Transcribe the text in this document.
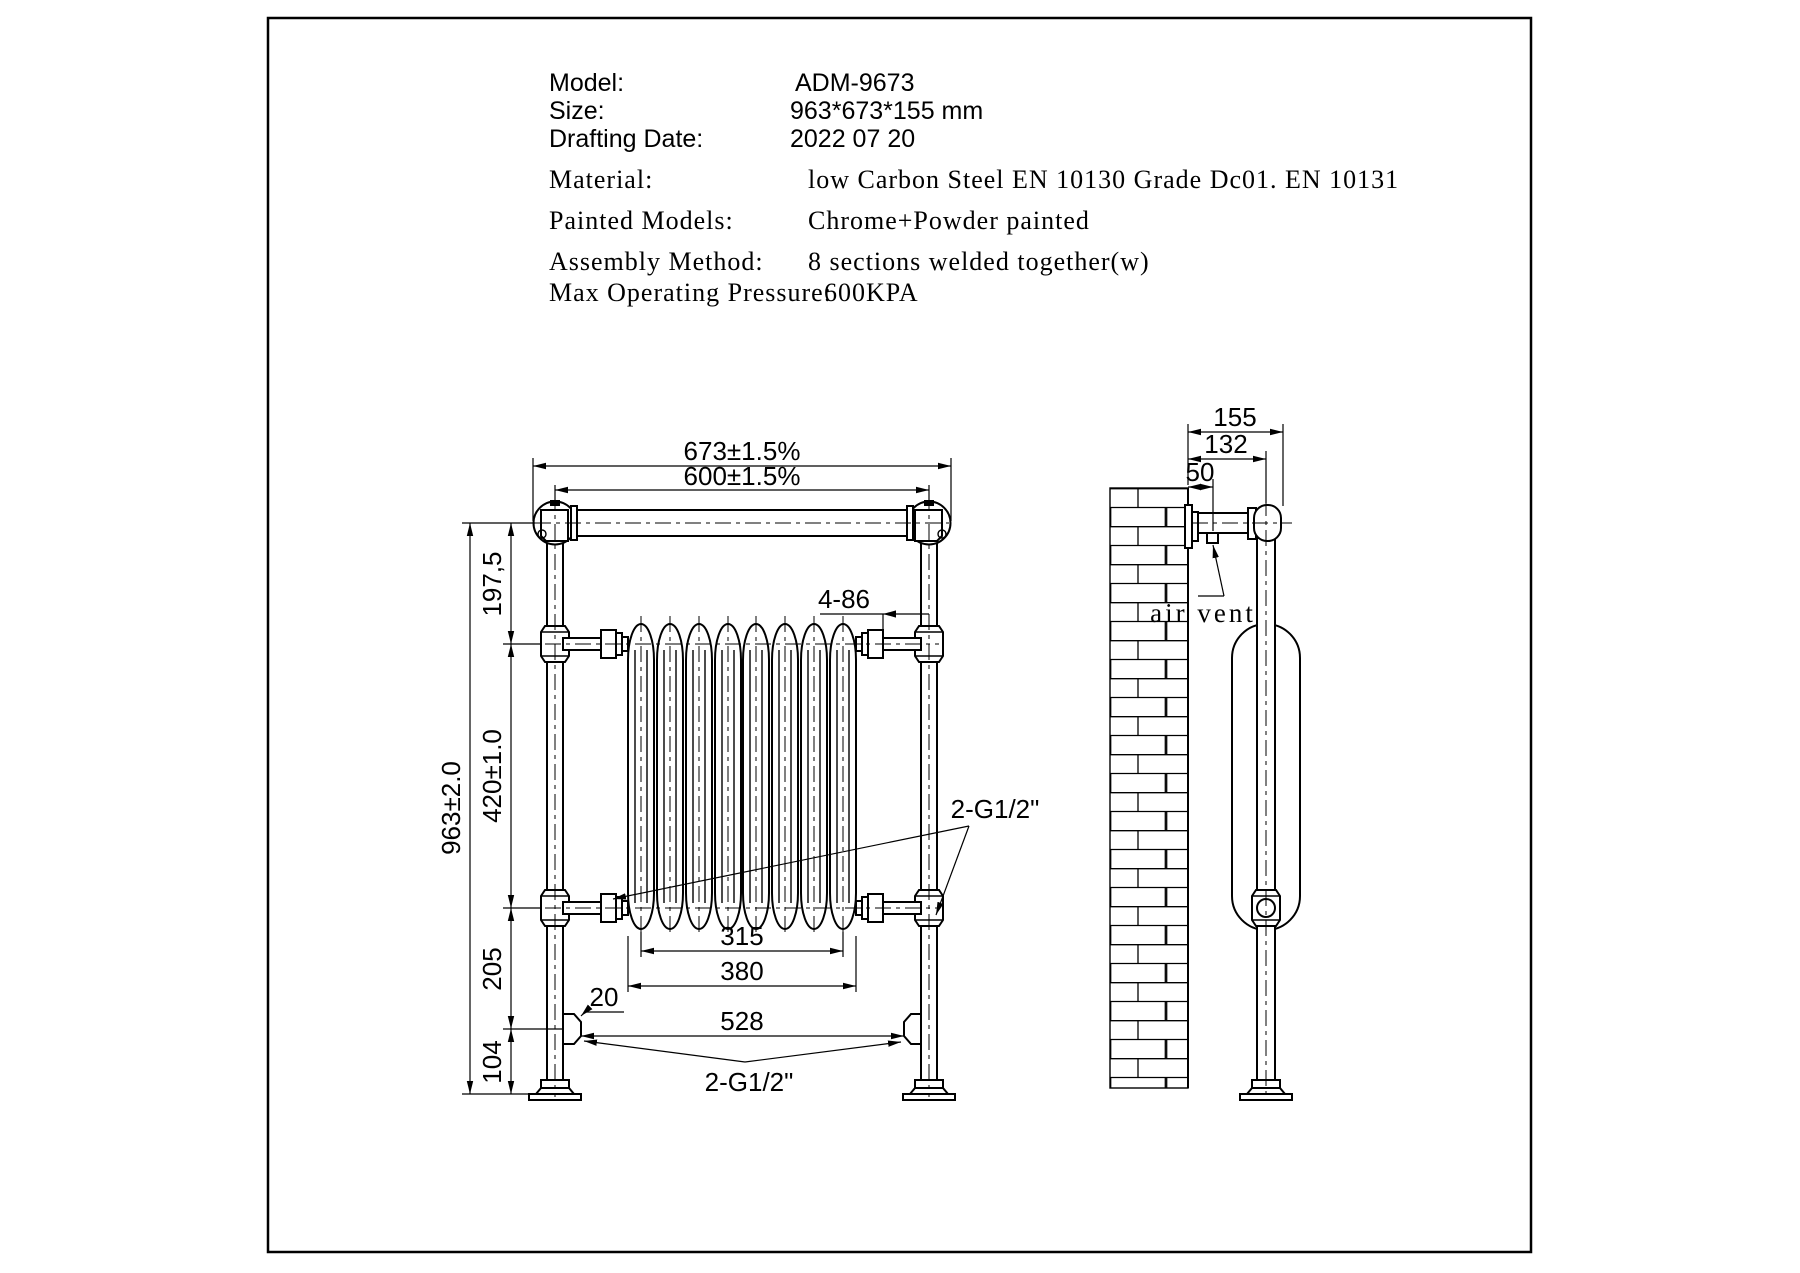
Model:	ADM-9673
Size:	963*673*155 mm
Drafting Date:	2022 07 20
Material:	low Carbon Steel EN 10130 Grade Dc01. EN 10131
Painted Models:	Chrome+Powder painted
Assembly Method: 8 sections welded together(w)
Max Operating Pressure:
600KPA
673±1.5%
600±1.5%
963±2.0
197,5
420±1.0
205
104
4-86
2-G1/2"
315
380
20
528
2-G1/2"
155
132
50
air vent
